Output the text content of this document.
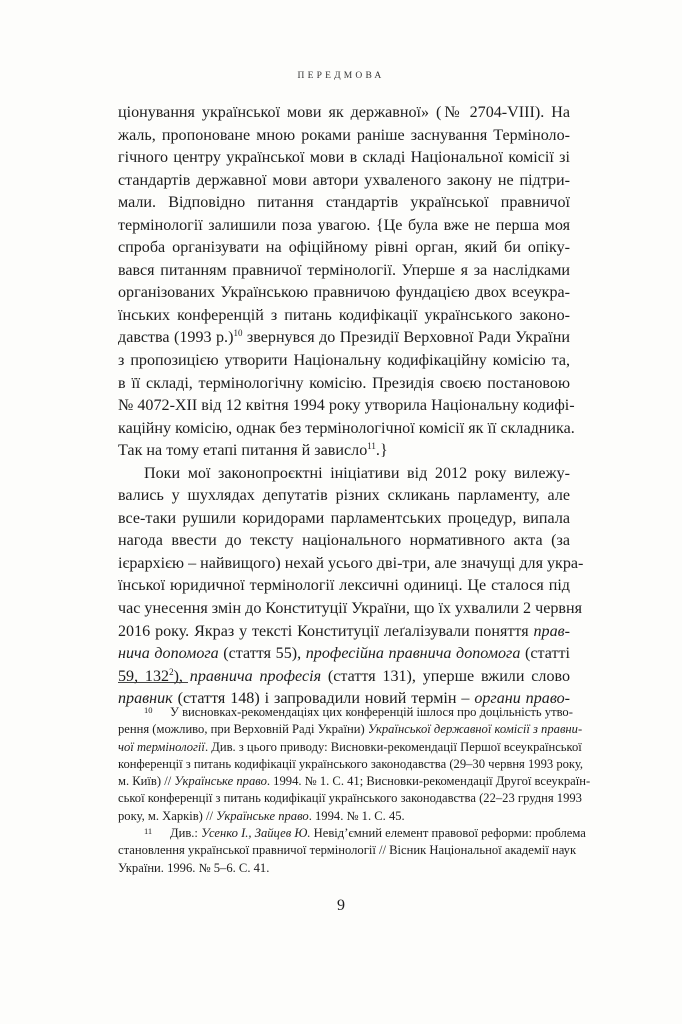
ПЕРЕДМОВА

ціонування української мови як державної» (№ 2704-VIII). На
жаль, пропоноване мною роками раніше заснування Терміноло-
гічного центру української мови в складі Національної комісії зі
стандартів державної мови автори ухваленого закону не підтри-
мали. Відповідно питання стандартів української правничої
термінології залишили поза увагою. {Це була вже не перша моя
спроба організувати на офіційному рівні орган, який би опіку-
вався питанням правничої термінології. Уперше я за наслідками
організованих Українською правничою фундацією двох всеукра-
їнських конференцій з питань кодифікації українського законо-
давства (1993 р.)$^{10}$ звернувся до Президії Верховної Ради України
з пропозицією утворити Національну кодифікаційну комісію та,
в її складі, термінологічну комісію. Президія своєю постановою
№ 4072-XII від 12 квітня 1994 року утворила Національну кодифі-
каційну комісію, однак без термінологічної комісії як її складника.
Так на тому етапі питання й зависло$^{11}$.}

Поки мої законопроєктні ініціативи від 2012 року вилежу-
вались у шухлядах депутатів різних скликань парламенту, але
все-таки рушили коридорами парламентських процедур, випала
нагода ввести до тексту національного нормативного акта (за
ієрархією – найвищого) нехай усього дві-три, але значущі для укра-
їнської юридичної термінології лексичні одиниці. Це сталося під
час унесення змін до Конституції України, що їх ухвалили 2 червня
2016 року. Якраз у тексті Конституції леґалізували поняття прав-
нича допомога (стаття 55), професійна правнича допомога (статті
59, $132^2$), правнича професія (стаття 131), уперше вжили слово
правник (стаття 148) і запровадили новий термін – органи право-

10 У висновках-рекомендаціях цих конференцій ішлося про доцільність утво-
рення (можливо, при Верховній Раді України) Української державної комісії з правни-
чої термінології. Див. з цього приводу: Висновки-рекомендації Першої всеукраїнської
конференції з питань кодифікації українського законодавства (29–30 червня 1993 року,
м. Київ) // Українське право. 1994. № 1. С. 41; Висновки-рекомендації Другої всеукраїн-
ської конференції з питань кодифікації українського законодавства (22–23 грудня 1993
року, м. Харків) // Українське право. 1994. № 1. С. 45.
11 Див.: Усенко І., Зайцев Ю. Невід’ємний елемент правової реформи: проблема
становлення української правничої термінології // Вісник Національної академії наук
України. 1996. № 5–6. С. 41.
9
